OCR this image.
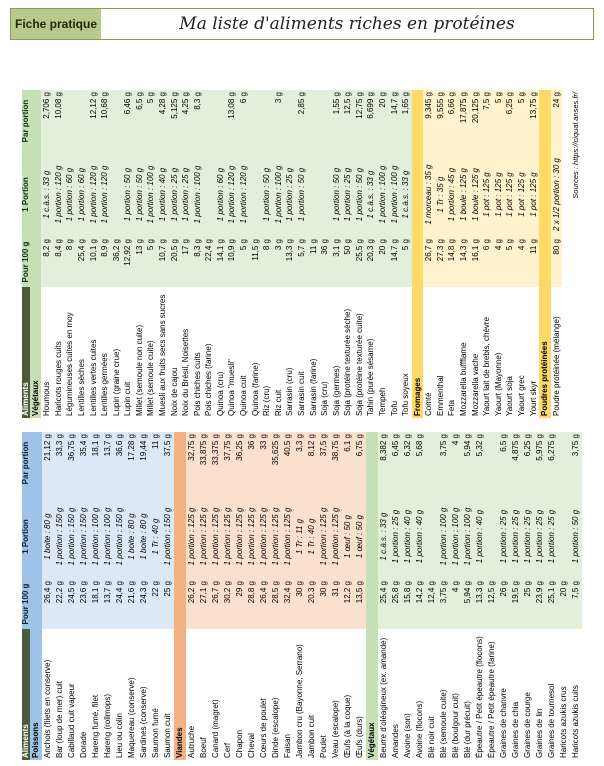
Fiche pratique	Ma liste d'aliments riches en protéines
Aliments	Pour 100 g	1 Portion	Par portion
Poissons			
Anchois (filets en conserve)	26,4 g	1 boite : 80 g	21,12 g
Bar (loup de mer) cuit	22,2 g	1 portion : 150 g	33,3 g
Cabillaud cuit vapeur	24,5 g	1 portion : 150 g	36,75 g
Dorade	23,6 g	1 portion : 150 g	35,4 g
Hareng fumé, filet	18,1 g	1 portion : 100 g	18,1 g
Hareng (rollmops)	13,7 g	1 portion : 100 g	13,7 g
Lieu ou colin	24,4 g	1 portion : 150 g	36,6 g
Maquereau (conserve)	21,6 g	1 boite : 80 g	17,28 g
Sardines (conserve)	24,3 g	1 boite : 80 g	19,44 g
Saumon fumé	22 g	1 Tr : 40 g	11 g
Saumon cuit	25 g	1 portion : 150 g	37,5 g
Viandes			
Autruche	26,2 g	1 portion : 125 g	32,75 g
Boeuf	27,1 g	1 portion : 125 g	33,875 g
Canard (magret)	26,7 g	1 portion : 125 g	33,375 g
Cerf	30,2 g	1 portion : 125 g	37,75 g
Chapon	29 g	1 portion : 125 g	36,25 g
Cheval	28,8 g	1 portion : 125 g	36 g
Cœurs de poulet	26,4 g	1 portion : 125 g	33 g
Dinde (escalope)	28,5 g	1 portion : 125 g	35,625 g
Faisan	32,4 g	1 portion : 125 g	40,5 g
Jambon cru (Bayonne, Serrano)	30 g	1 Tr : 11 g	3,3 g
Jambon cuit	20,3 g	1 Tr : 40 g	8,12 g
Poulet	30 g	1 portion : 125 g	37,5 g
Veau (escalope)	31 g	1 portion : 125 g	38,75 g
Œufs (à la coque)	12,2 g	1 œuf : 50 g	6,1 g
Œufs (durs)	13,5 g	1 œuf : 50 g	6,75 g
Végétaux			
Beurre d'oléagineux (ex. amande)	25,4 g	1 c.à.s. : 33 g	8,382 g
Amandes	25,8 g	1 portion : 25 g	6,45 g
Avoine (son)	15,8 g	1 portion : 40 g	6,32 g
Avoine (flocons)	14,2 g	1 portion : 40 g	5,68 g
Blé noir cuit	12,4 g		
Blé (semoule cuite)	3,75 g	1 portion : 100 g	3,75 g
Blé (boulgour cuit)	4 g	1 portion : 100 g	4 g
Blé (dur précuit)	5,94 g	1 portion : 100 g	5,94 g
Épeautre / Petit épeautre (flocons)	13,3 g	1 portion : 40 g	5,32 g
Épeautre / Petit épeautre (farine)	12,5 g		
Graines de chanvre	26 g	1 portion : 25 g	6,5 g
Graines de chia	19,5 g	1 portion : 25 g	4,875 g
Graines de courge	25 g	1 portion : 25 g	6,25 g
Graines de lin	23,9 g	1 portion : 25 g	5,975 g
Graines de tournesol	25,1 g	1 portion : 25 g	6,275 g
Haricots azukis crus	20 g		
Haricots azukis cuits	7,5 g	1 portion : 50 g	3,75 g
Aliments	Pour 100 g	1 Portion	Par portion
Végétaux			
Houmous	8,2 g	1 c.à.s. : 33 g	2,706 g
Haricots rouges cuits	8,4 g	1 portion : 120 g	10,08 g
Légumineuses cuites en moy	8 g	1 portion : 60 g	
Lentilles sèches	25,4 g	1 portion : 60 g	
Lentilles vertes cuites	10,1 g	1 portion : 120 g	12,12 g
Lentilles germées	8,9 g	1 portion : 120 g	10,68 g
Lupin (graine crue)	36,2 g		
Lupin cuit	12,92 g	1 portion : 50 g	6,46 g
Millet (semoule non cuite)	13 g	1 portion : 50 g	6,5 g
Millet (semoule cuite)	5 g	1 portion : 100 g	5 g
Muesli aux fruits secs sans sucres	10,7 g	1 portion : 40 g	4,28 g
Noix de cajou	20,5 g	1 portion : 25 g	5,125 g
Noix du Brésil, Noisettes	17 g	1 portion : 25 g	4,25 g
Pois chiches cuits	8,3 g	1 portion : 100 g	8,3 g
Pois chiches (farine)	22,4 g		
Quinoa (cru)	14,1 g	1 portion : 60 g	
Quinoa "muesli"	10,9 g	1 portion : 120 g	13,08 g
Quinoa cuit	5 g	1 portion : 120 g	6 g
Quinoa (farine)	11,5 g		
Riz (cru)	8 g	1 portion : 50 g	
Riz cuit	3 g	1 portion : 100 g	3 g
Sarrasin (cru)	13,3 g	1 portion : 25 g	
Sarrasin cuit	5,7 g	1 portion : 50 g	2,85 g
Sarrasin (farine)	11 g		
Soja (cru)	36 g		
Soja (germes)	3,1 g	1 portion : 50 g	1,55 g
Soja (protéine texturée sèche)	50 g	1 portion : 25 g	12,5 g
Soja (protéine texturée cuite)	25,5 g	1 portion : 50 g	12,75 g
Tahin (purée sésame)	20,3 g	1 c.à.s. : 33 g	6,699 g
Tempeh	20 g	1 portion : 100 g	20 g
Tofu	14,7 g	1 portion : 100 g	14,7 g
Tofu soyeux	5 g	1 c.à.s. : 33 g	1,65 g
Fromages			
Comté	26,7 g	1 morceau : 35 g	9,345 g
Emmenthal	27,3 g	1 Tr : 35 g	9,555 g
Feta	14,8 g	1 portion : 45 g	6,66 g
Mozzarella buffflame	14,3 g	1 boule : 125 g	17,875 g
Mozzarella vache	16,1 g	1 boule : 125 g	20,125 g
Yaourt lait de brebis, chèvre	6 g	1 pot : 125 g	7,5 g
Yaourt (Mayonne)	4 g	1 pot : 125 g	5 g
Yaourt soja	5 g	1 pot : 125 g	6,25 g
Yaourt grec	4 g	1 pot : 125 g	5 g
Yourt skyr	11 g	1 pot : 125 g	13,75 g
Poudres protéinées			
Poudre protéinée (mélange)	80 g	2 x 1/2 portion : 30 g	24 g

Sources : https://ciqual.anses.fr/			
